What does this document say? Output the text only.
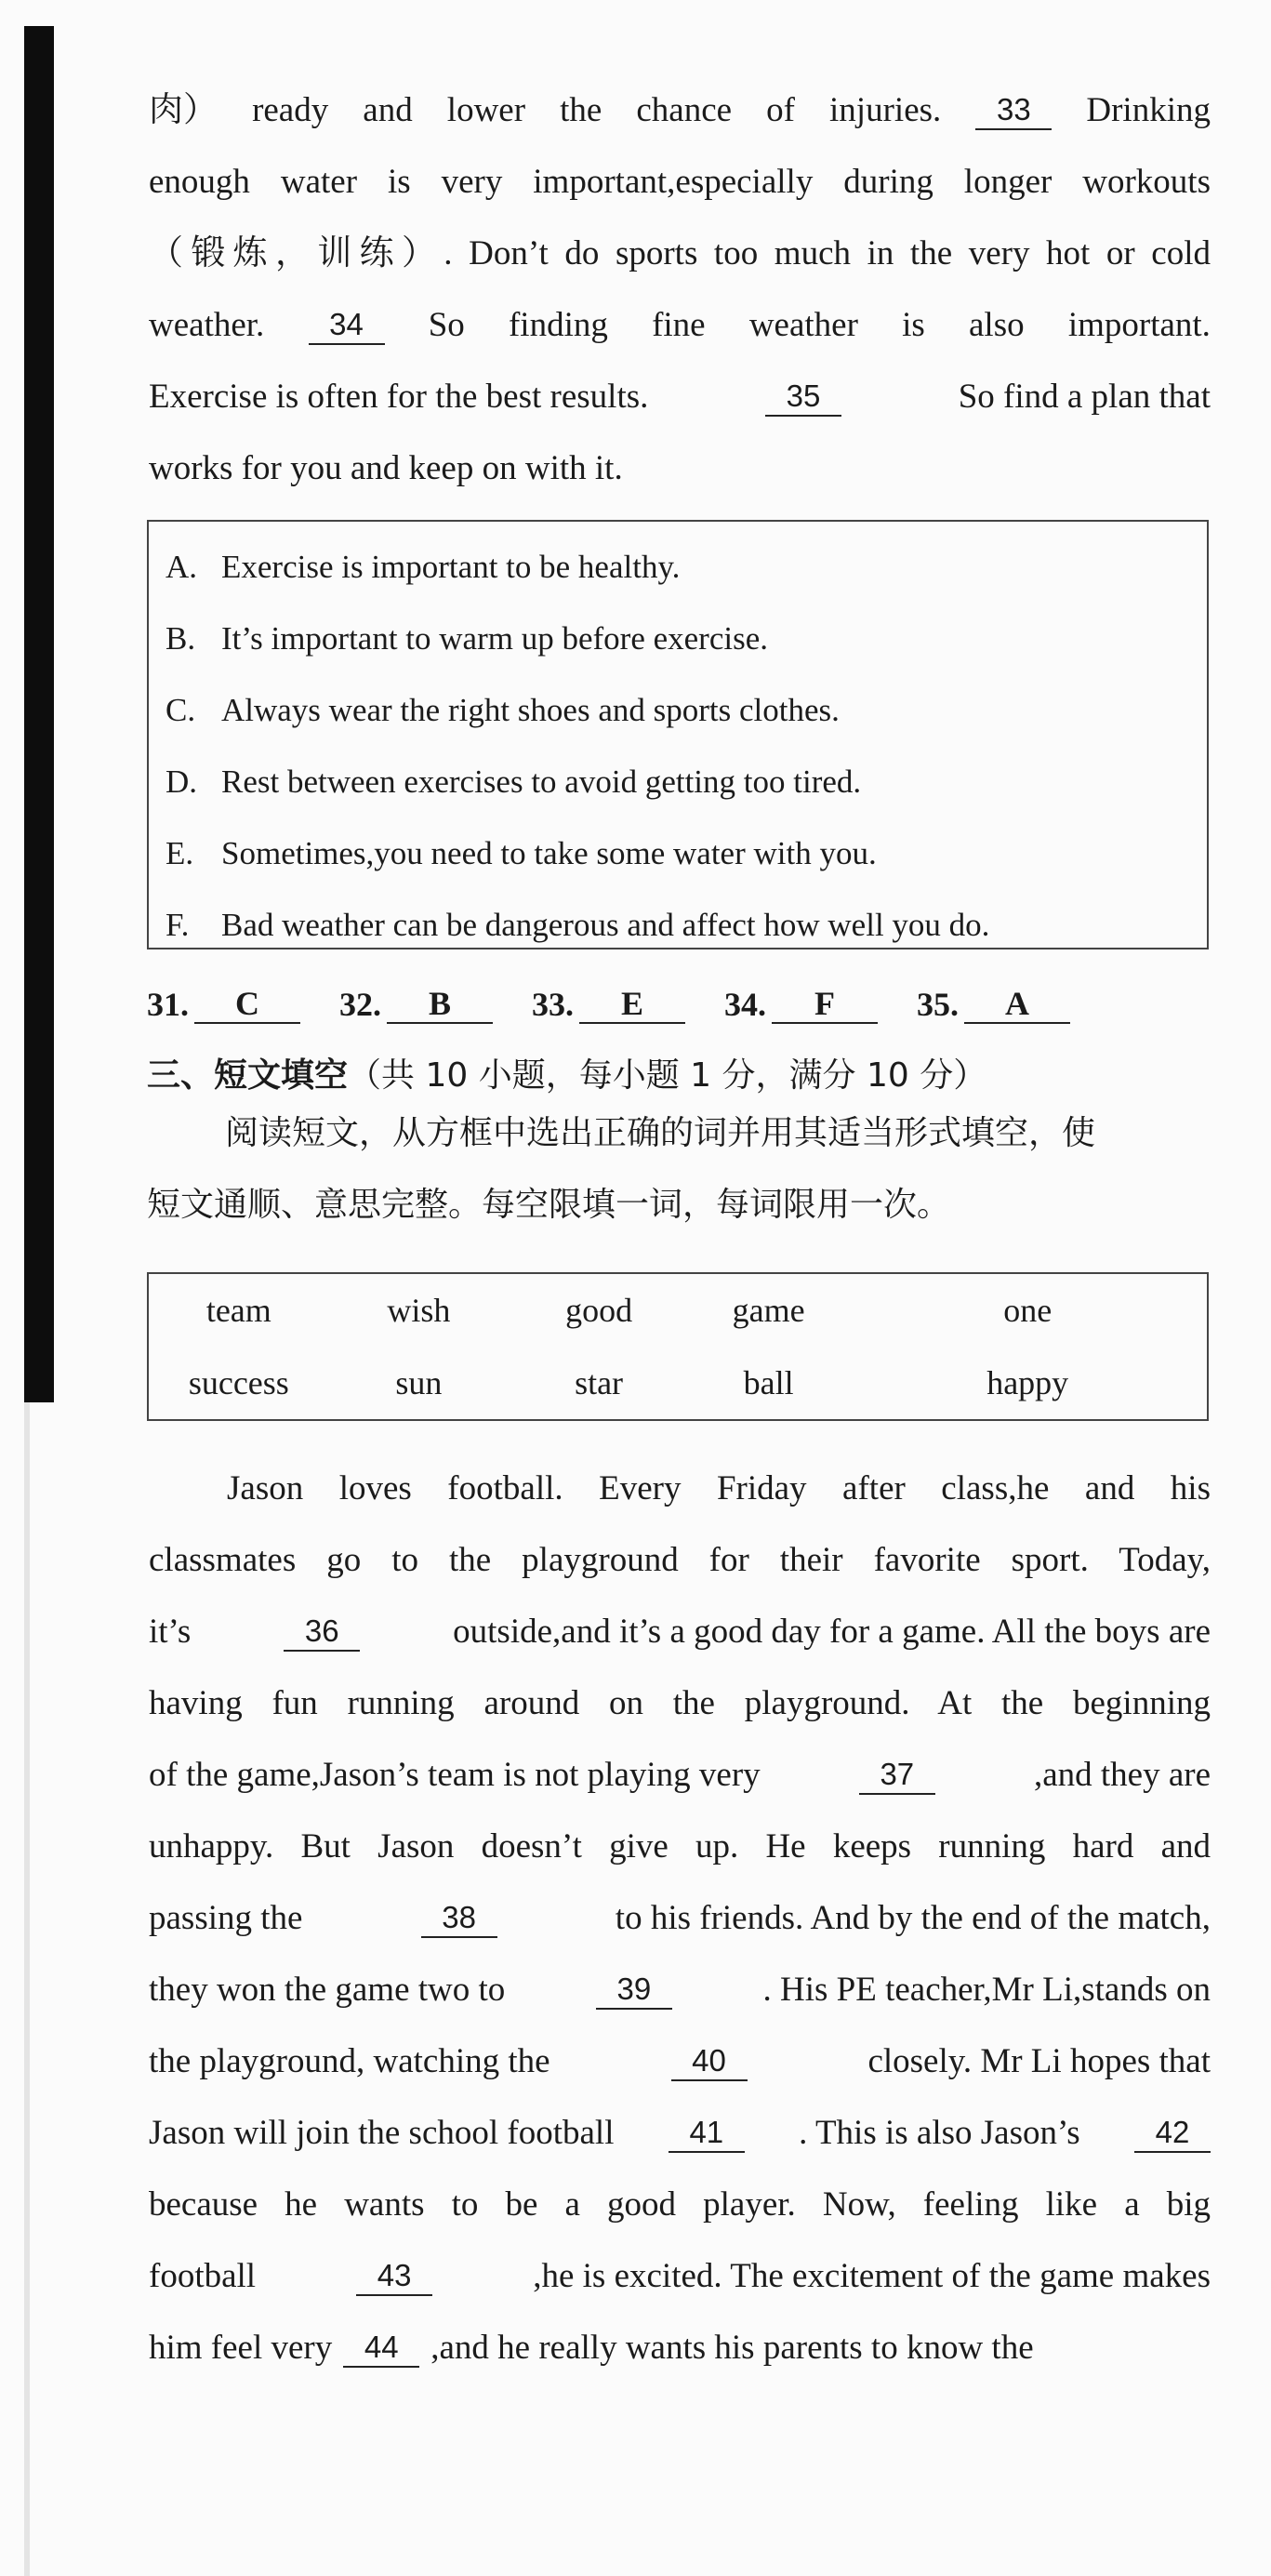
肉） ready and lower the chance of injuries.	33	Drinking
enough water is very important,especially during longer workouts
（锻炼，训练）. Don’t do sports too much in the very hot or cold
weather.	34	So finding fine weather is also important.
Exercise is often for the best results.	35	So find a plan that
works for you and keep on with it.
A. Exercise is important to be healthy.
B. It’s important to warm up before exercise.
C. Always wear the right shoes and sports clothes.
D. Rest between exercises to avoid getting too tired.
E. Sometimes,you need to take some water with you.
F. Bad weather can be dangerous and affect how well you do.
31.	C	32.	B	33.	E	34.	F	35.	A
三、短文填空（共 10 小题，每小题 1 分，满分 10 分）
阅读短文，从方框中选出正确的词并用其适当形式填空，使
短文通顺、意思完整。每空限填一词，每词限用一次。
team	wish	good	game	one
success	sun	star	ball	happy
Jason loves football. Every Friday after class,he and his
classmates go to the playground for their favorite sport. Today,
it’s	36	outside,and it’s a good day for a game. All the boys are
having fun running around on the playground. At the beginning
of the game,Jason’s team is not playing very	37	,and they are
unhappy. But Jason doesn’t give up. He keeps running hard and
passing the	38	to his friends. And by the end of the match,
they won the game two to	39	. His PE teacher,Mr Li,stands on
the playground, watching the	40	closely. Mr Li hopes that
Jason will join the school football	41	. This is also Jason’s	42
because he wants to be a good player. Now, feeling like a big
football	43	,he is excited. The excitement of the game makes
him feel very	44 ,and he really wants his parents to know the
